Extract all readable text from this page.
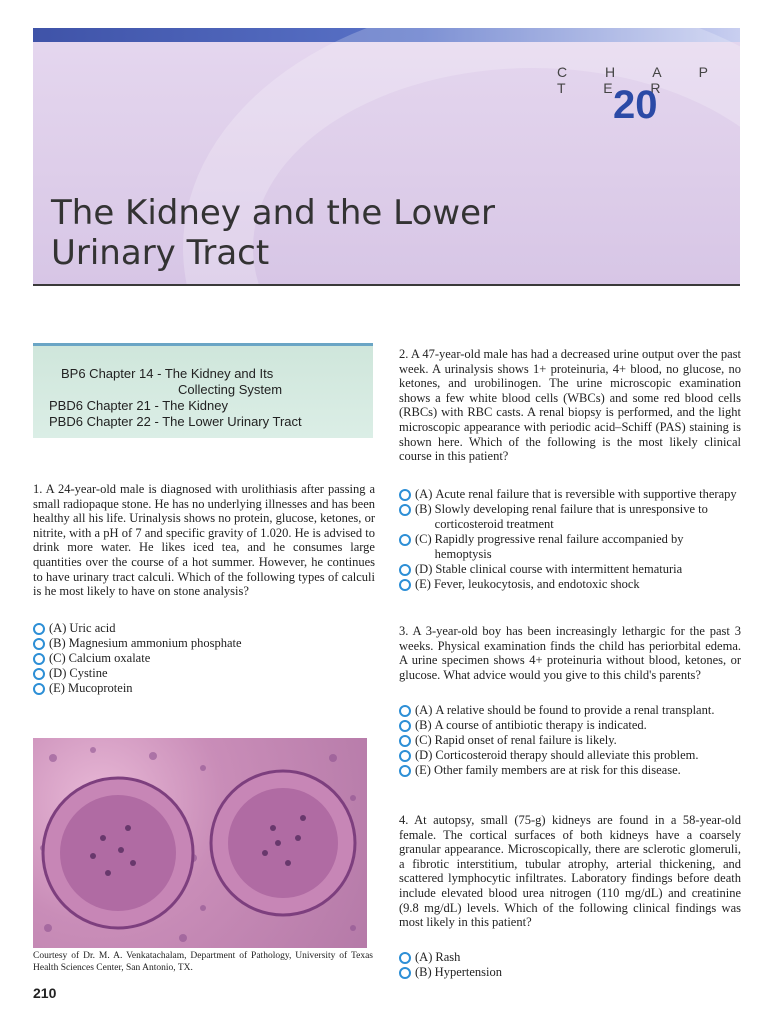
C H A P T E R
20
The Kidney and the Lower
Urinary Tract
BP6 Chapter 14 - The Kidney and Its
Collecting System
PBD6 Chapter 21 - The Kidney
PBD6 Chapter 22 - The Lower Urinary Tract
1. A 24-year-old male is diagnosed with urolithiasis after passing a small radiopaque stone. He has no underlying illnesses and has been healthy all his life. Urinalysis shows no protein, glucose, ketones, or nitrite, with a pH of 7 and specific gravity of 1.020. He is advised to drink more water. He likes iced tea, and he consumes large quantities over the course of a hot summer. However, he continues to have urinary tract calculi. Which of the following types of calculi is he most likely to have on stone analysis?
(A) Uric acid
(B) Magnesium ammonium phosphate
(C) Calcium oxalate
(D) Cystine
(E) Mucoprotein
Courtesy of Dr. M. A. Venkatachalam, Department of Pathology, University of Texas Health Sciences Center, San Antonio, TX.
210
2. A 47-year-old male has had a decreased urine output over the past week. A urinalysis shows 1+ proteinuria, 4+ blood, no glucose, no ketones, and urobilinogen. The urine microscopic examination shows a few white blood cells (WBCs) and some red blood cells (RBCs) with RBC casts. A renal biopsy is performed, and the light microscopic appearance with periodic acid–Schiff (PAS) staining is shown here. Which of the following is the most likely clinical course in this patient?
(A) Acute renal failure that is reversible with supportive therapy
(B) Slowly developing renal failure that is unresponsive to corticosteroid treatment
(C) Rapidly progressive renal failure accompanied by hemoptysis
(D) Stable clinical course with intermittent hematuria
(E) Fever, leukocytosis, and endotoxic shock
3. A 3-year-old boy has been increasingly lethargic for the past 3 weeks. Physical examination finds the child has periorbital edema. A urine specimen shows 4+ proteinuria without blood, ketones, or glucose. What advice would you give to this child's parents?
(A) A relative should be found to provide a renal transplant.
(B) A course of antibiotic therapy is indicated.
(C) Rapid onset of renal failure is likely.
(D) Corticosteroid therapy should alleviate this problem.
(E) Other family members are at risk for this disease.
4. At autopsy, small (75-g) kidneys are found in a 58-year-old female. The cortical surfaces of both kidneys have a coarsely granular appearance. Microscopically, there are sclerotic glomeruli, a fibrotic interstitium, tubular atrophy, arterial thickening, and scattered lymphocytic infiltrates. Laboratory findings before death include elevated blood urea nitrogen (110 mg/dL) and creatinine (9.8 mg/dL) levels. Which of the following clinical findings was most likely in this patient?
(A) Rash
(B) Hypertension
